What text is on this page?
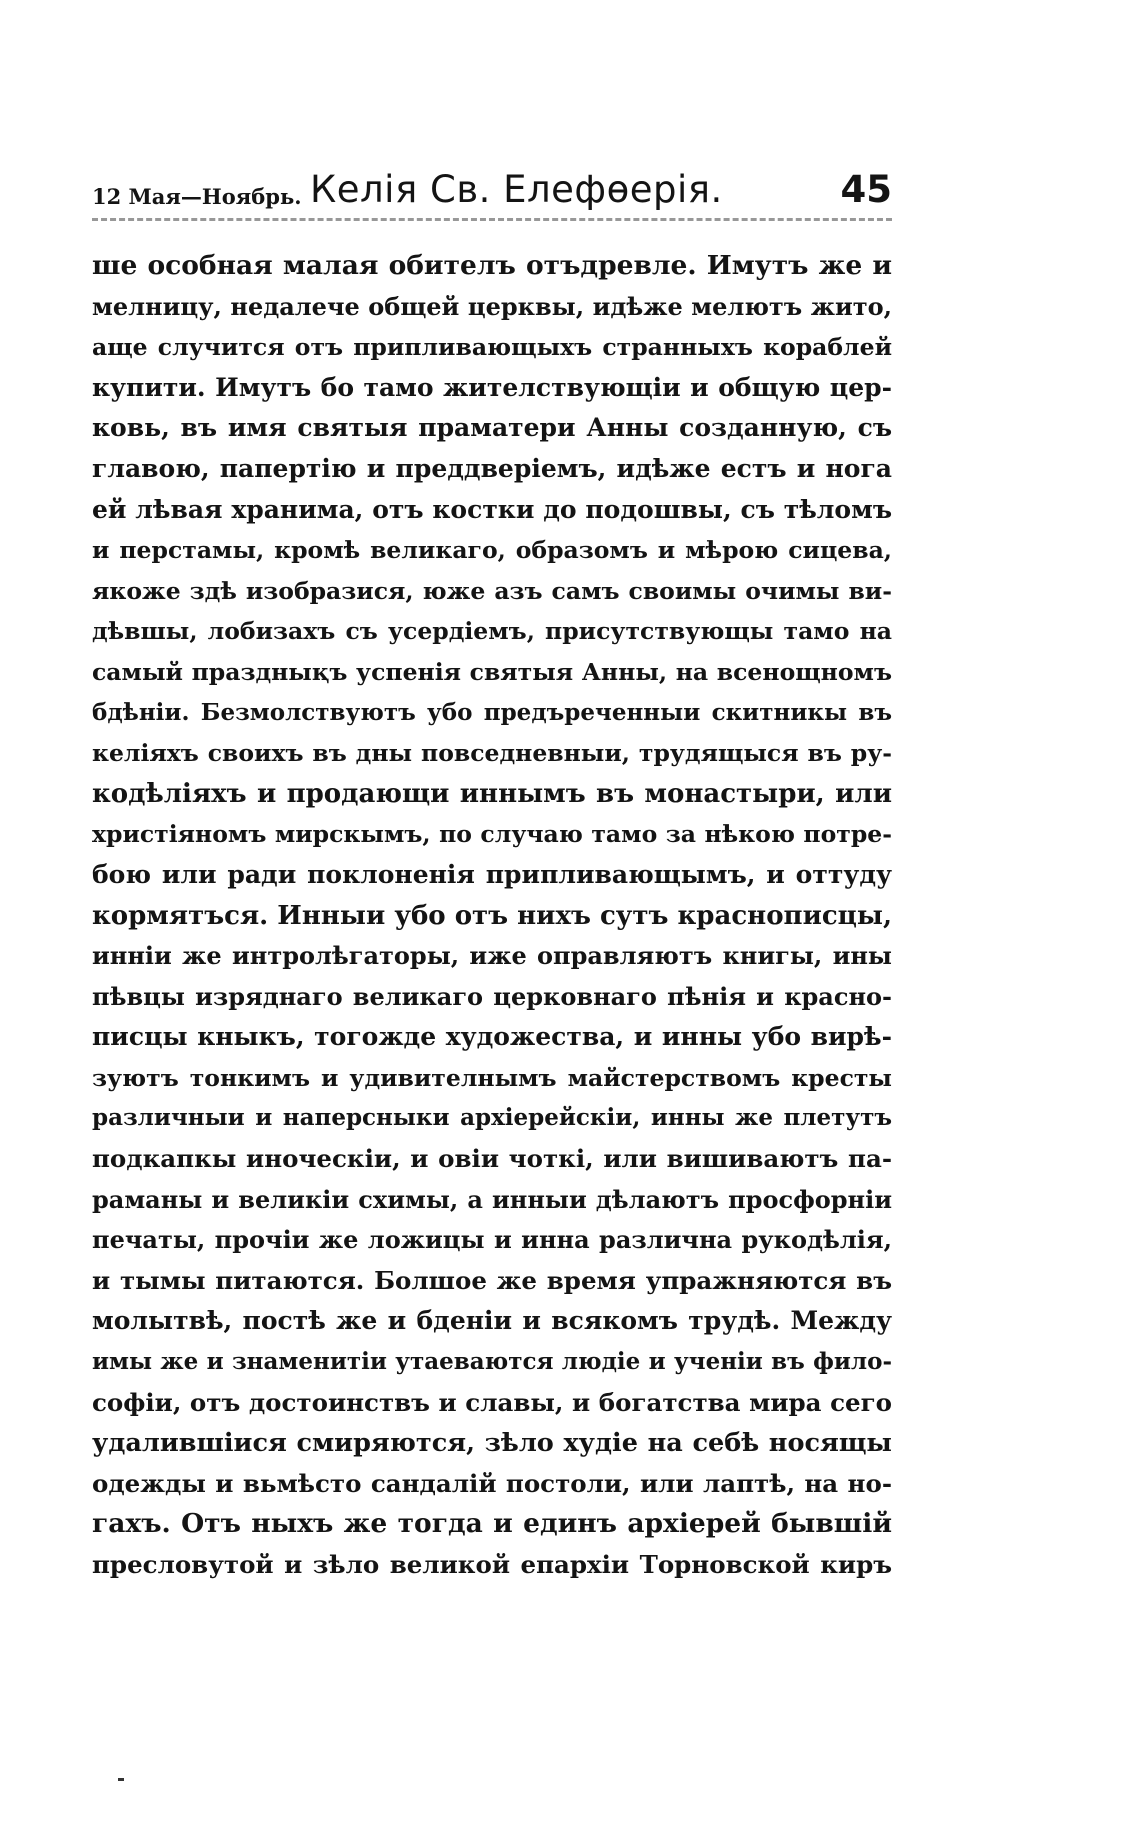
12 Мая—Ноябрь. Келія Св. Елефѳерія.	45
ше особная малая обителъ отъдревле. Имутъ же и
мелницу, недалече общей церквы, идѣже мелютъ жито,
аще случится отъ припливающыхъ странныхъ кораблей
купити. Имутъ бо тамо жителствующіи и общую цер-
ковь, въ имя святыя праматери Анны созданную, съ
главою, папертію и преддверіемъ, идѣже естъ и нога
ей лѣвая хранима, отъ костки до подошвы, съ тѣломъ
и перстамы, кромѣ великаго, образомъ и мѣрою сицева,
якоже здѣ изобразися, юже азъ самъ своимы очимы ви-
дѣвшы, лобизахъ съ усердіемъ, присутствующы тамо на
самый празднықъ успенія святыя Анны, на всенощномъ
бдѣніи. Безмолствуютъ убо предъреченныи скитникы въ
келіяхъ своихъ въ дны повседневныи, трудящыся въ ру-
кодѣліяхъ и продающи иннымъ въ монастыри, или
христіяномъ мирскымъ, по случаю тамо за нѣкою потре-
бою или ради поклоненія припливающымъ, и оттуду
кормятъся. Инныи убо отъ нихъ сутъ краснописцы,
инніи же интролѣгаторы, иже оправляютъ книгы, ины
пѣвцы изряднаго великаго церковнаго пѣнія и красно-
писцы кныкъ, тогожде художества, и инны убо вирѣ-
зуютъ тонкимъ и удивителнымъ майстерствомъ кресты
различныи и наперсныки архіерейскіи, инны же плетутъ
подкапкы иноческіи, и овіи чоткі, или вишиваютъ па-
раманы и великіи схимы, а инныи дѣлаютъ просфорніи
печаты, прочіи же ложицы и инна различна рукодѣлія,
и тымы питаются. Болшое же время упражняются въ
молытвѣ, постѣ же и бденіи и всякомъ трудѣ. Между
имы же и знаменитіи утаеваются людіе и ученіи въ фило-
софіи, отъ достоинствъ и славы, и богатства мира сего
удалившіися смиряются, зѣло худіе на себѣ носящы
одежды и вьмѣсто сандалій постоли, или лаптѣ, на но-
гахъ. Отъ ныхъ же тогда и единъ архіерей бывшій
пресловутой и зѣло великой епархіи Торновской киръ
